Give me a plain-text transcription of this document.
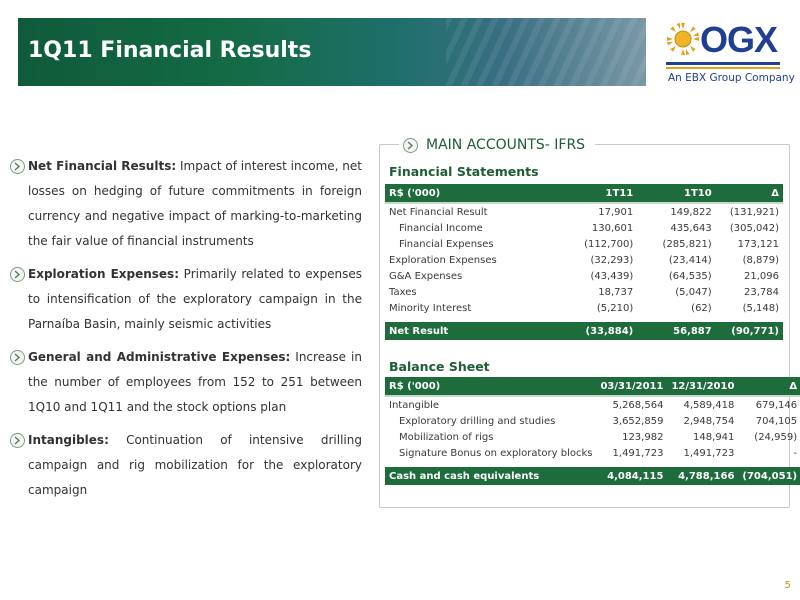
1Q11 Financial Results	OGX
An EBX Group Company

Net Financial Results: Impact of interest income, net losses on hedging of future commitments in foreign currency and negative impact of marking-to-marketing the fair value of financial instruments

Exploration Expenses: Primarily related to expenses to intensification of the exploratory campaign in the Parnaíba Basin, mainly seismic activities

General and Administrative Expenses: Increase in the number of employees from 152 to 251 between 1Q10 and 1Q11 and the stock options plan

Intangibles: Continuation of intensive drilling campaign and rig mobilization for the exploratory campaign

MAIN ACCOUNTS- IFRS
Financial Statements
R$ ('000)	1T11	1T10	Δ
Net Financial Result	17,901	149,822	(131,921)
Financial Income	130,601	435,643	(305,042)
Financial Expenses	(112,700)	(285,821)	173,121
Exploration Expenses	(32,293)	(23,414)	(8,879)
G&A Expenses	(43,439)	(64,535)	21,096
Taxes	18,737	(5,047)	23,784
Minority Interest	(5,210)	(62)	(5,148)

Net Result	(33,884)	56,887	(90,771)
Balance Sheet
R$ ('000)	03/31/2011	12/31/2010	Δ
Intangible	5,268,564	4,589,418	679,146
Exploratory drilling and studies	3,652,859	2,948,754	704,105
Mobilization of rigs	123,982	148,941	(24,959)
Signature Bonus on exploratory blocks	1,491,723	1,491,723	-

Cash and cash equivalents	4,084,115	4,788,166	(704,051)
5
